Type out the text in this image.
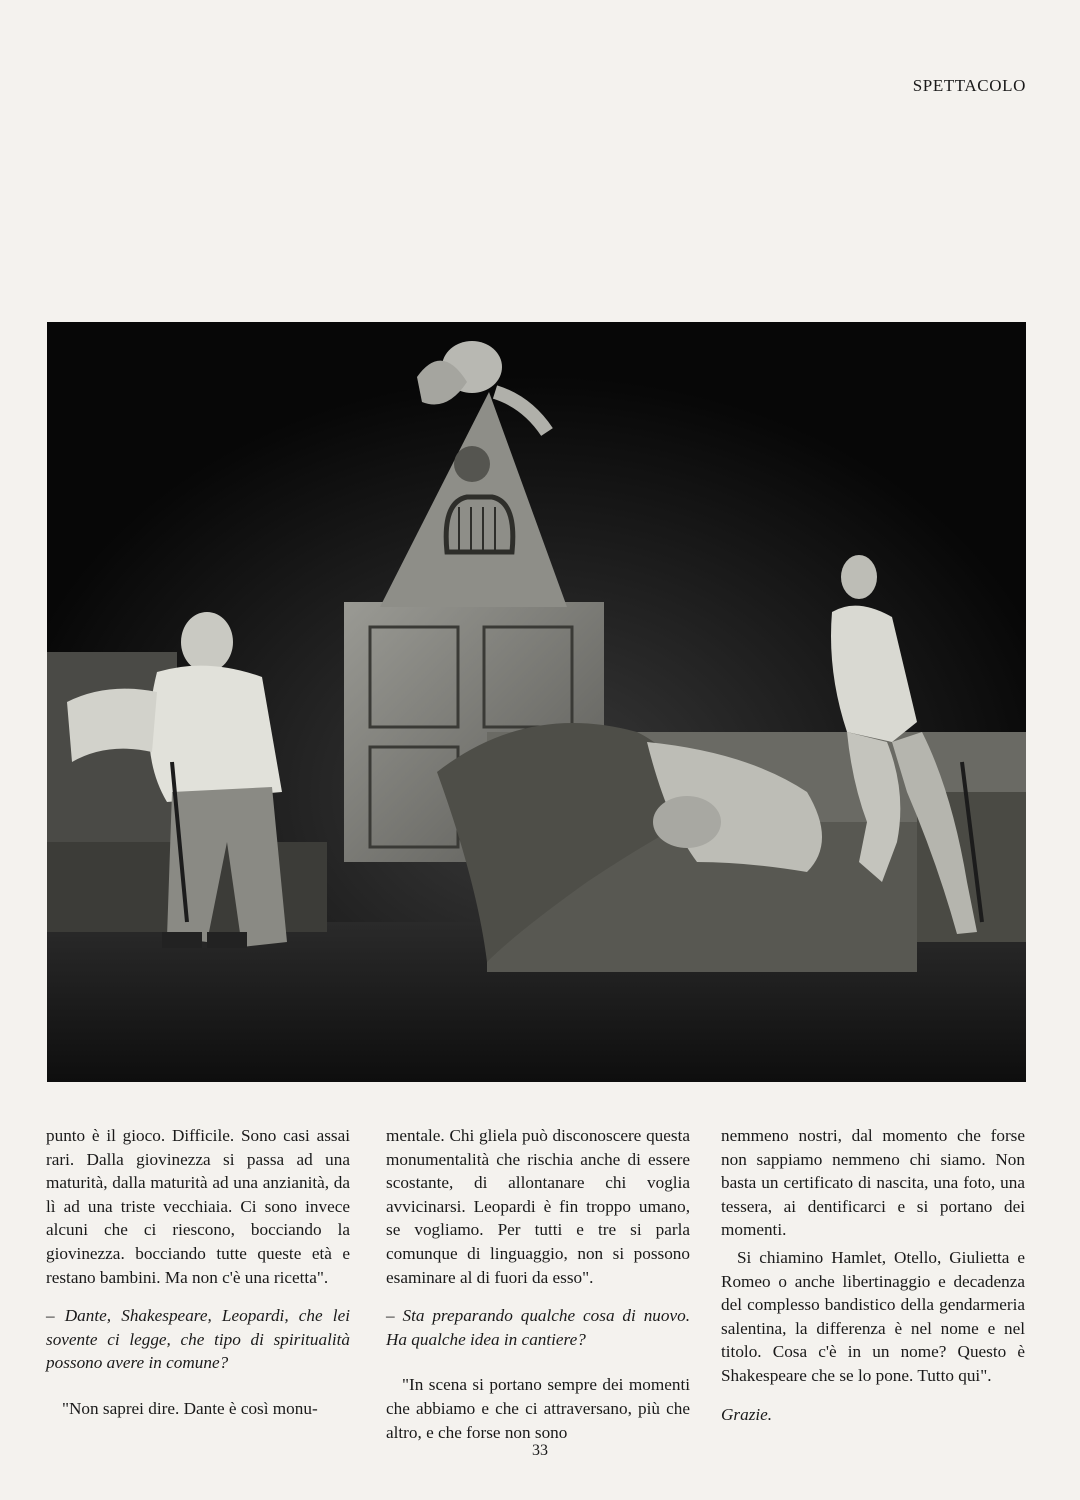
SPETTACOLO

punto è il gioco. Difficile. Sono casi assai rari. Dalla giovinezza si passa ad una maturità, dalla maturità ad una anzianità, da lì ad una triste vecchiaia. Ci sono invece alcuni che ci riescono, bocciando la giovinezza. bocciando tutte queste età e restano bambini. Ma non c'è una ricetta".

– Dante, Shakespeare, Leopardi, che lei sovente ci legge, che tipo di spiritualità possono avere in comune?

"Non saprei dire. Dante è così monu-

mentale. Chi gliela può disconoscere questa monumentalità che rischia anche di essere scostante, di allontanare chi voglia avvicinarsi. Leopardi è fin troppo umano, se vogliamo. Per tutti e tre si parla comunque di linguaggio, non si possono esaminare al di fuori da esso".

– Sta preparando qualche cosa di nuovo. Ha qualche idea in cantiere?

"In scena si portano sempre dei momenti che abbiamo e che ci attraversano, più che altro, e che forse non sono

nemmeno nostri, dal momento che forse non sappiamo nemmeno chi siamo. Non basta un certificato di nascita, una foto, una tessera, ai dentificarci e si portano dei momenti.

Si chiamino Hamlet, Otello, Giulietta e Romeo o anche libertinaggio e decadenza del complesso bandistico della gendarmeria salentina, la differenza è nel nome e nel titolo. Cosa c'è in un nome? Questo è Shakespeare che se lo pone. Tutto qui".

Grazie.

33
